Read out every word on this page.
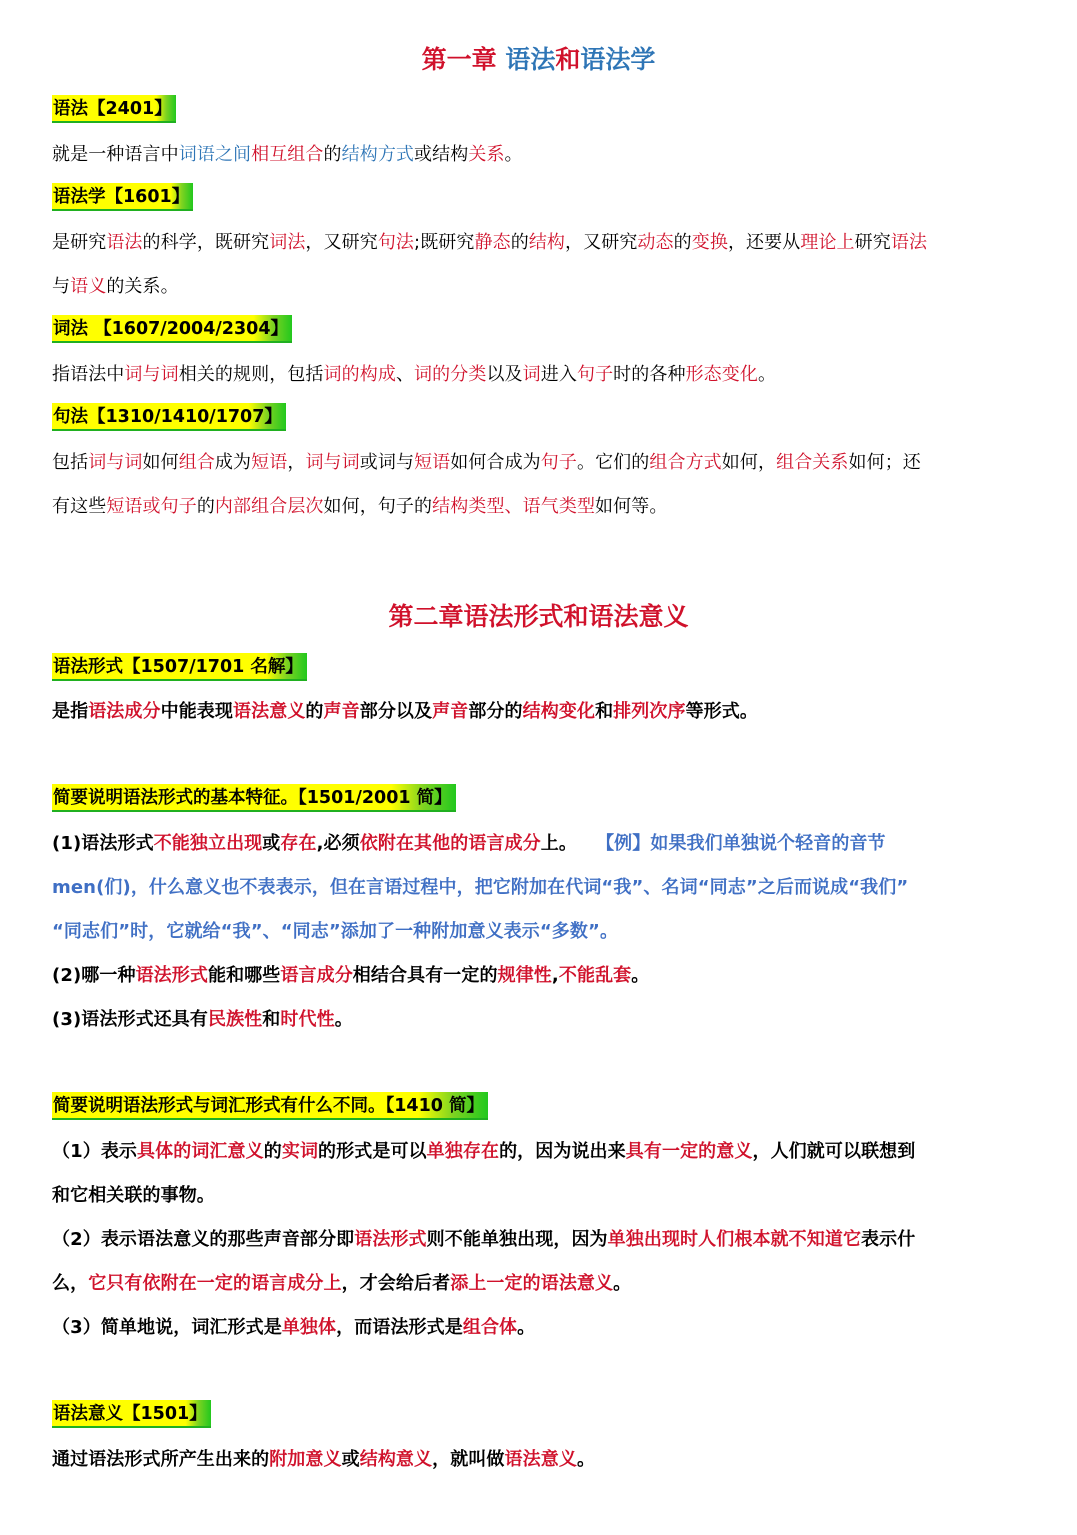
第一章 语法和语法学
语法【2401】
就是一种语言中词语之间相互组合的结构方式或结构关系。
语法学【1601】
是研究语法的科学，既研究词法，又研究句法;既研究静态的结构，又研究动态的变换，还要从理论上研究语法
与语义的关系。
词法 【1607/2004/2304】
指语法中词与词相关的规则，包括词的构成、词的分类以及词进入句子时的各种形态变化。
句法【1310/1410/1707】
包括词与词如何组合成为短语，词与词或词与短语如何合成为句子。它们的组合方式如何，组合关系如何；还
有这些短语或句子的内部组合层次如何，句子的结构类型、语气类型如何等。
第二章语法形式和语法意义
语法形式【1507/1701 名解】
是指语法成分中能表现语法意义的声音部分以及声音部分的结构变化和排列次序等形式。
简要说明语法形式的基本特征。【1501/2001 简】
(1)语法形式不能独立出现或存在,必须依附在其他的语言成分上。 【例】如果我们单独说个轻音的音节
men(们)，什么意义也不表表示，但在言语过程中，把它附加在代词“我”、名词“同志”之后而说成“我们”
“同志们”时，它就给“我”、“同志”添加了一种附加意义表示“多数”。
(2)哪一种语法形式能和哪些语言成分相结合具有一定的规律性,不能乱套。
(3)语法形式还具有民族性和时代性。
简要说明语法形式与词汇形式有什么不同。【1410 简】
（1）表示具体的词汇意义的实词的形式是可以单独存在的，因为说出来具有一定的意义，人们就可以联想到
和它相关联的事物。
（2）表示语法意义的那些声音部分即语法形式则不能单独出现，因为单独出现时人们根本就不知道它表示什
么，它只有依附在一定的语言成分上，才会给后者添上一定的语法意义。
（3）简单地说，词汇形式是单独体，而语法形式是组合体。
语法意义【1501】
通过语法形式所产生出来的附加意义或结构意义，就叫做语法意义。
